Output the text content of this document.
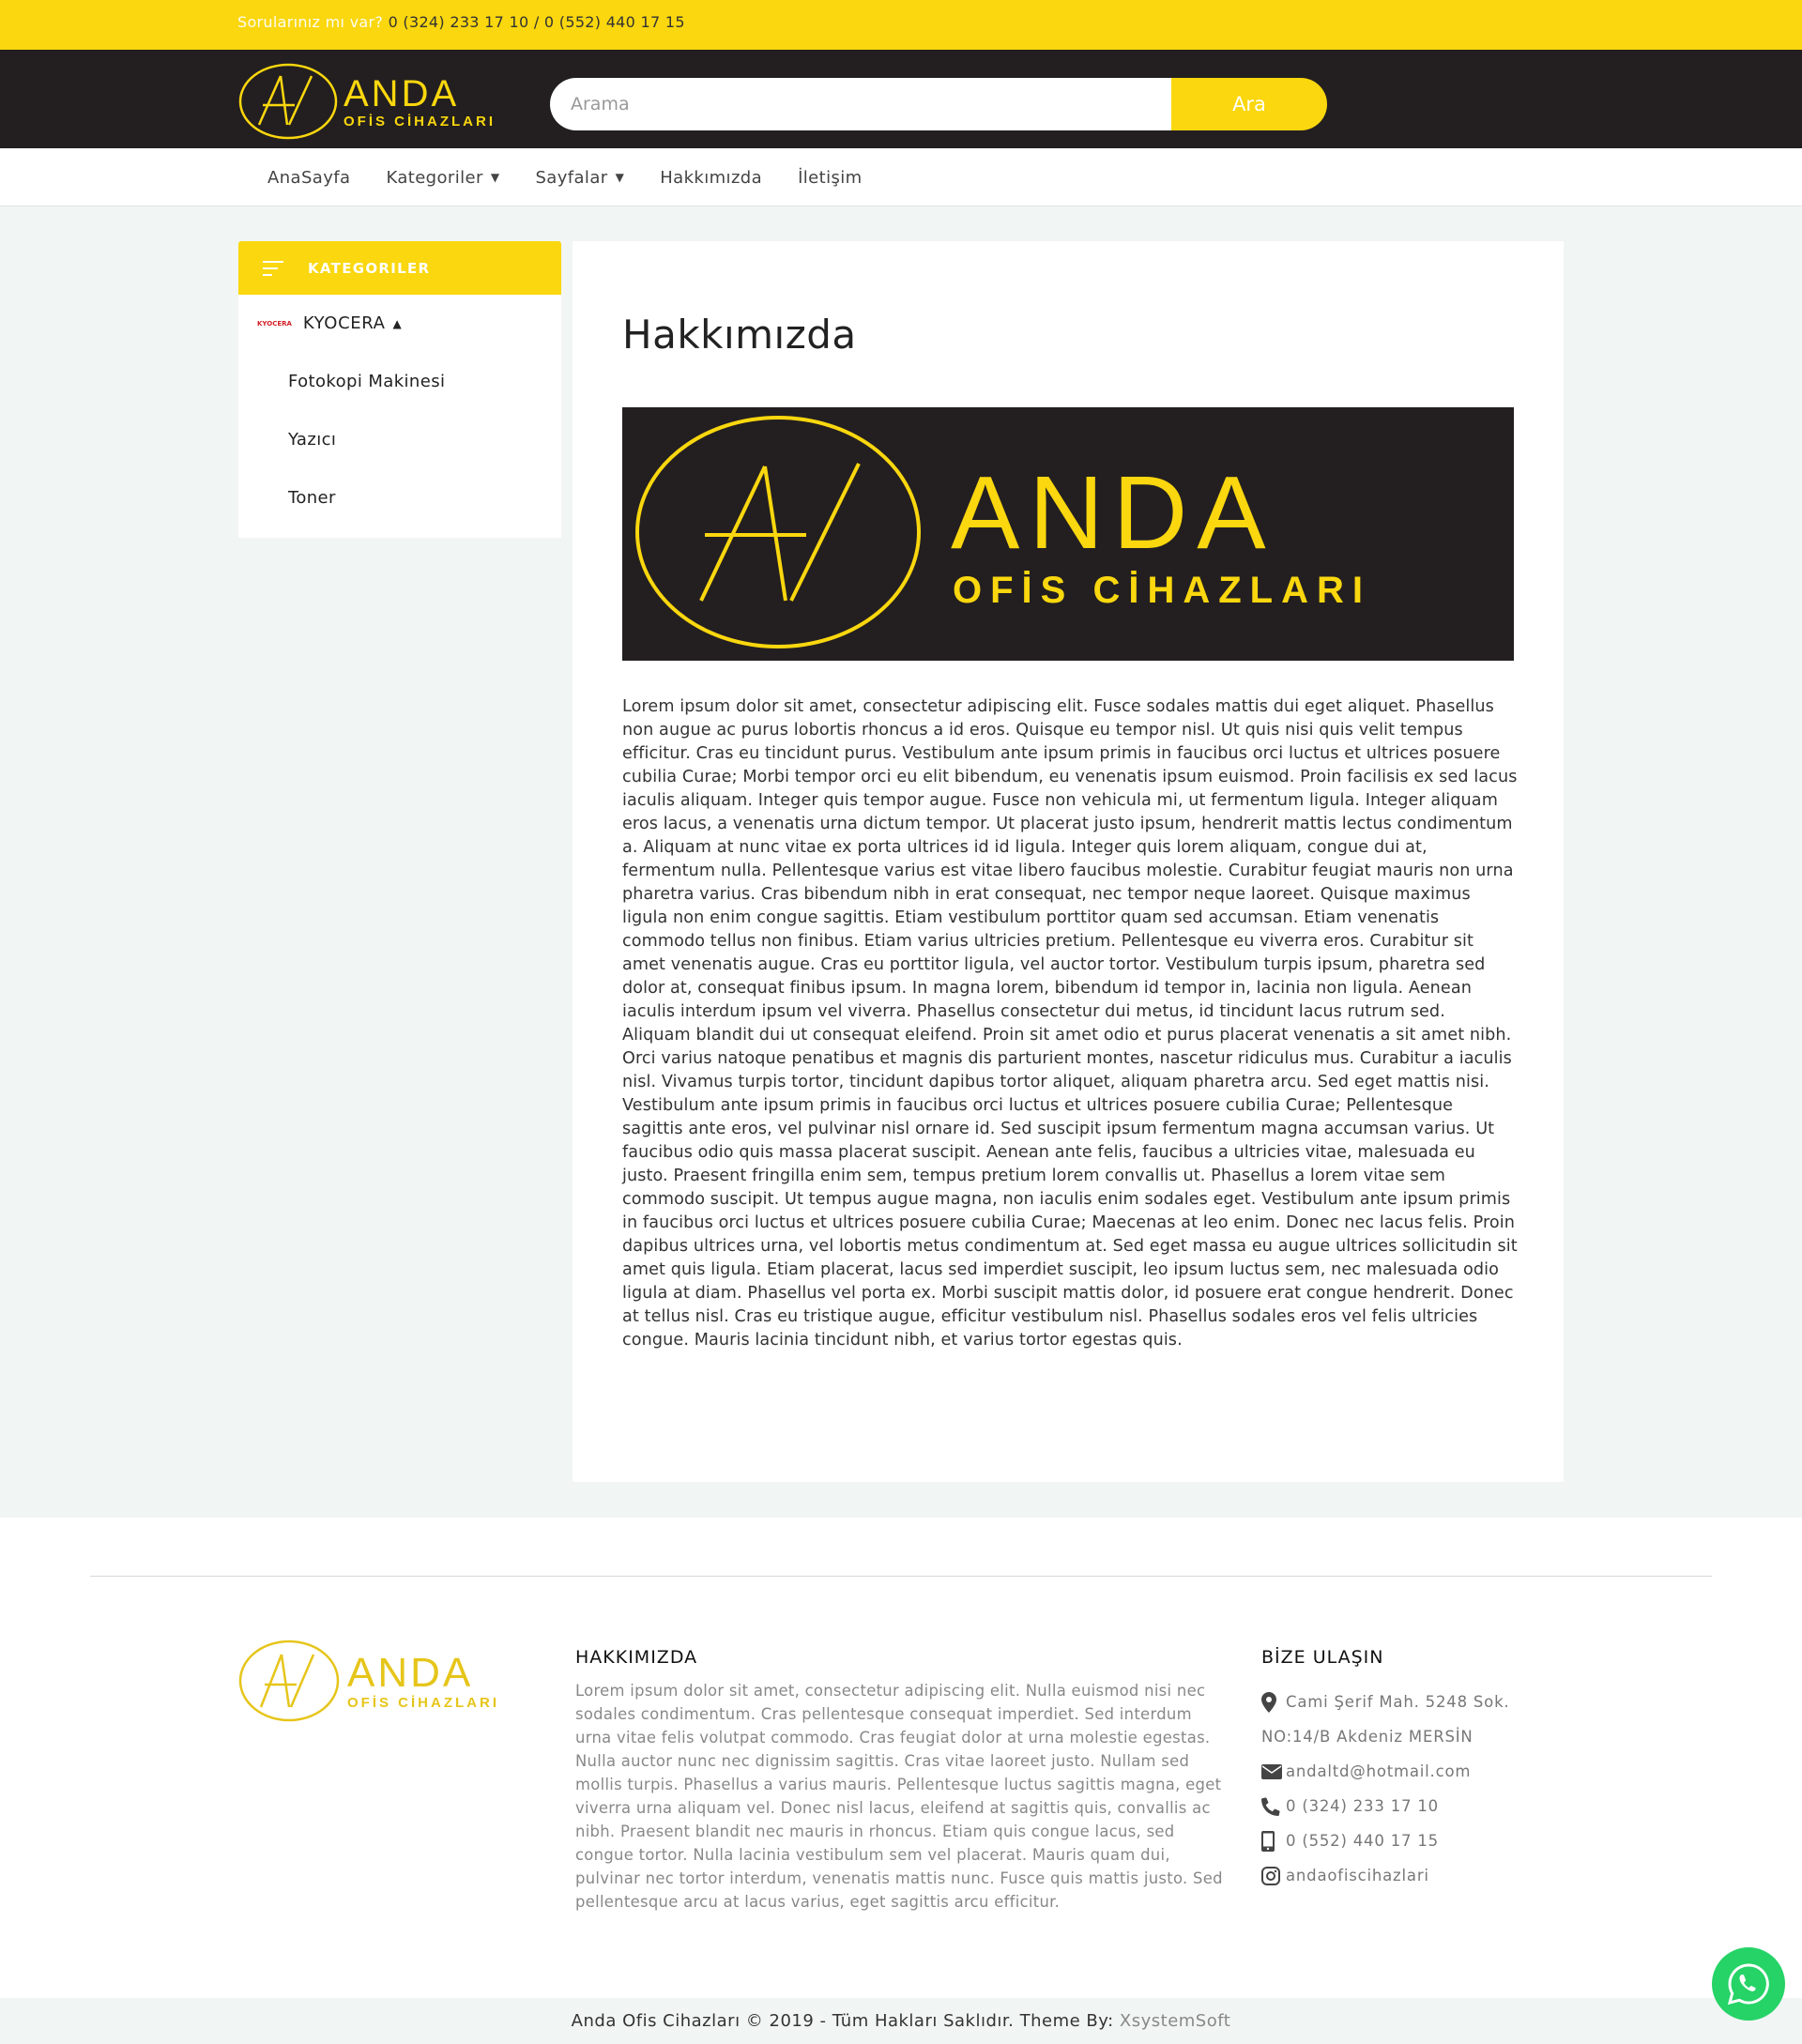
Sorularınız mı var? 0 (324) 233 17 10 / 0 (552) 440 17 15
ANDA
OFİS CİHAZLARI
Arama
Ara
AnaSayfa Kategoriler ▼ Sayfalar ▼ Hakkımızda İletişim
KATEGORILER
KYOCERA KYOCERA ▲
Fotokopi Makinesi
Yazıcı
Toner
Hakkımızda
ANDA
OFİS CİHAZLARI

Lorem ipsum dolor sit amet, consectetur adipiscing elit. Fusce sodales mattis dui eget aliquet. Phasellus non augue ac purus lobortis rhoncus a id eros. Quisque eu tempor nisl. Ut quis nisi quis velit tempus efficitur. Cras eu tincidunt purus. Vestibulum ante ipsum primis in faucibus orci luctus et ultrices posuere cubilia Curae; Morbi tempor orci eu elit bibendum, eu venenatis ipsum euismod. Proin facilisis ex sed lacus iaculis aliquam. Integer quis tempor augue. Fusce non vehicula mi, ut fermentum ligula. Integer aliquam eros lacus, a venenatis urna dictum tempor. Ut placerat justo ipsum, hendrerit mattis lectus condimentum a. Aliquam at nunc vitae ex porta ultrices id id ligula. Integer quis lorem aliquam, congue dui at, fermentum nulla. Pellentesque varius est vitae libero faucibus molestie. Curabitur feugiat mauris non urna pharetra varius. Cras bibendum nibh in erat consequat, nec tempor neque laoreet. Quisque maximus ligula non enim congue sagittis. Etiam vestibulum porttitor quam sed accumsan. Etiam venenatis commodo tellus non finibus. Etiam varius ultricies pretium. Pellentesque eu viverra eros. Curabitur sit amet venenatis augue. Cras eu porttitor ligula, vel auctor tortor. Vestibulum turpis ipsum, pharetra sed dolor at, consequat finibus ipsum. In magna lorem, bibendum id tempor in, lacinia non ligula. Aenean iaculis interdum ipsum vel viverra. Phasellus consectetur dui metus, id tincidunt lacus rutrum sed. Aliquam blandit dui ut consequat eleifend. Proin sit amet odio et purus placerat venenatis a sit amet nibh. Orci varius natoque penatibus et magnis dis parturient montes, nascetur ridiculus mus. Curabitur a iaculis nisl. Vivamus turpis tortor, tincidunt dapibus tortor aliquet, aliquam pharetra arcu. Sed eget mattis nisi. Vestibulum ante ipsum primis in faucibus orci luctus et ultrices posuere cubilia Curae; Pellentesque sagittis ante eros, vel pulvinar nisl ornare id. Sed suscipit ipsum fermentum magna accumsan varius. Ut faucibus odio quis massa placerat suscipit. Aenean ante felis, faucibus a ultricies vitae, malesuada eu justo. Praesent fringilla enim sem, tempus pretium lorem convallis ut. Phasellus a lorem vitae sem commodo suscipit. Ut tempus augue magna, non iaculis enim sodales eget. Vestibulum ante ipsum primis in faucibus orci luctus et ultrices posuere cubilia Curae; Maecenas at leo enim. Donec nec lacus felis. Proin dapibus ultrices urna, vel lobortis metus condimentum at. Sed eget massa eu augue ultrices sollicitudin sit amet quis ligula. Etiam placerat, lacus sed imperdiet suscipit, leo ipsum luctus sem, nec malesuada odio ligula at diam. Phasellus vel porta ex. Morbi suscipit mattis dolor, id posuere erat congue hendrerit. Donec at tellus nisl. Cras eu tristique augue, efficitur vestibulum nisl. Phasellus sodales eros vel felis ultricies congue. Mauris lacinia tincidunt nibh, et varius tortor egestas quis.

ANDA
OFİS CİHAZLARI
HAKKIMIZDA

Lorem ipsum dolor sit amet, consectetur adipiscing elit. Nulla euismod nisi nec sodales condimentum. Cras pellentesque consequat imperdiet. Sed interdum urna vitae felis volutpat commodo. Cras feugiat dolor at urna molestie egestas. Nulla auctor nunc nec dignissim sagittis. Cras vitae laoreet justo. Nullam sed mollis turpis. Phasellus a varius mauris. Pellentesque luctus sagittis magna, eget viverra urna aliquam vel. Donec nisl lacus, eleifend at sagittis quis, convallis ac nibh. Praesent blandit nec mauris in rhoncus. Etiam quis congue lacus, sed congue tortor. Nulla lacinia vestibulum sem vel placerat. Mauris quam dui, pulvinar nec tortor interdum, venenatis mattis nunc. Fusce quis mattis justo. Sed pellentesque arcu at lacus varius, eget sagittis arcu efficitur.

BİZE ULAŞIN
Cami Şerif Mah. 5248 Sok.
NO:14/B Akdeniz MERSİN
andaltd@hotmail.com
0 (324) 233 17 10
0 (552) 440 17 15
andaofiscihazlari
Anda Ofis Cihazları © 2019 - Tüm Hakları Saklıdır. Theme By: XsystemSoft
